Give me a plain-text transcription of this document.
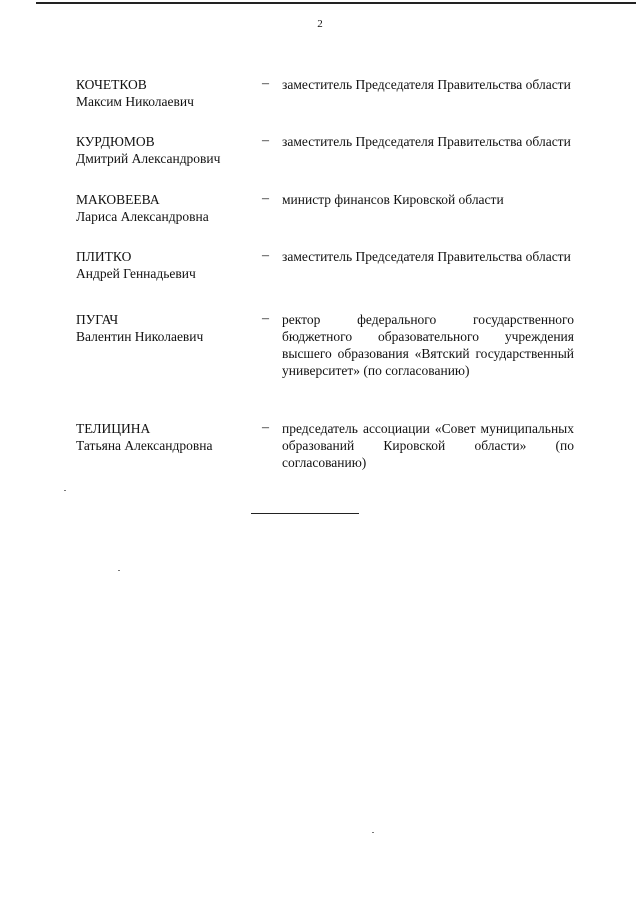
2
КОЧЕТКОВ
Максим Николаевич
– заместитель Председателя Правительства области
КУРДЮМОВ
Дмитрий Александрович
– заместитель Председателя Правительства области
МАКОВЕЕВА
Лариса Александровна
– министр финансов Кировской области
ПЛИТКО
Андрей Геннадьевич
– заместитель Председателя Правительства области
ПУГАЧ
Валентин Николаевич
– ректор федерального государственного бюджетного образовательного учреждения высшего образования «Вятский государственный университет» (по согласованию)
ТЕЛИЦИНА
Татьяна Александровна
– председатель ассоциации «Совет муниципальных образований Кировской области» (по согласованию)
